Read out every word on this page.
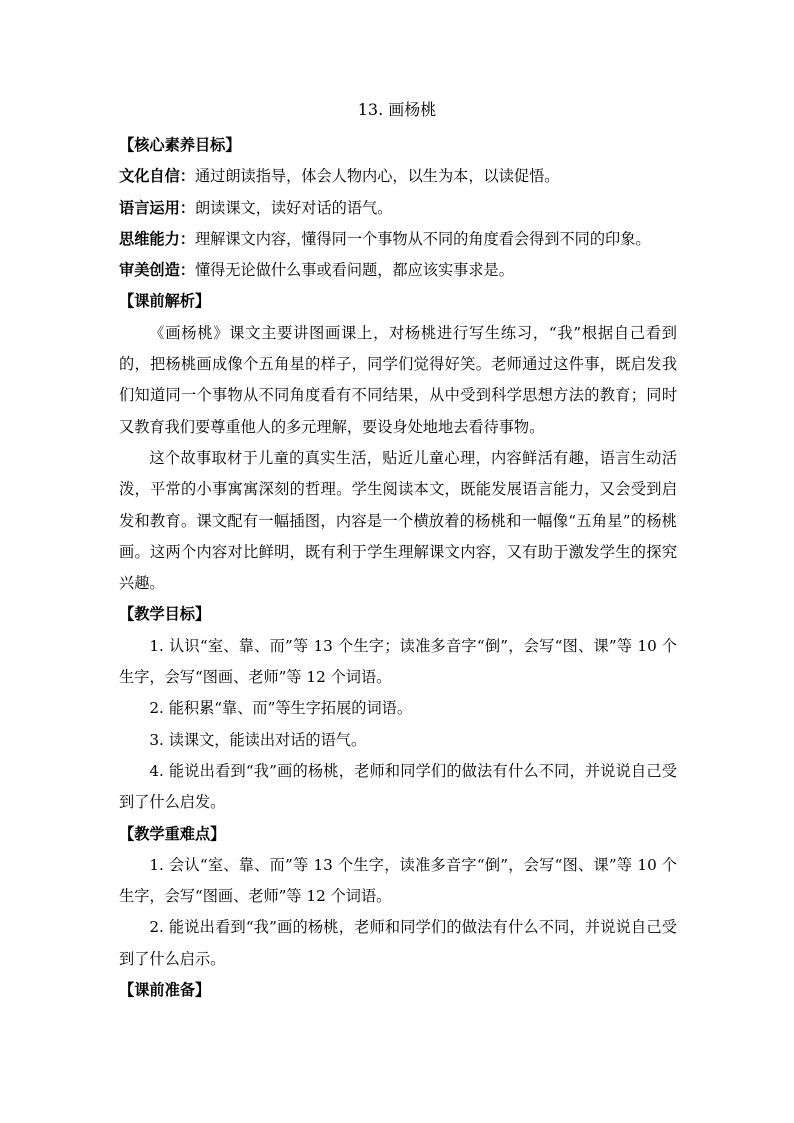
13. 画杨桃

【核心素养目标】

文化自信：通过朗读指导，体会人物内心，以生为本，以读促悟。

语言运用：朗读课文，读好对话的语气。

思维能力：理解课文内容，懂得同一个事物从不同的角度看会得到不同的印象。

审美创造：懂得无论做什么事或看问题，都应该实事求是。

【课前解析】

《画杨桃》课文主要讲图画课上，对杨桃进行写生练习，“我”根据自己看到的，把杨桃画成像个五角星的样子，同学们觉得好笑。老师通过这件事，既启发我们知道同一个事物从不同角度看有不同结果，从中受到科学思想方法的教育；同时又教育我们要尊重他人的多元理解，要设身处地地去看待事物。

这个故事取材于儿童的真实生活，贴近儿童心理，内容鲜活有趣，语言生动活泼，平常的小事寓寓深刻的哲理。学生阅读本文，既能发展语言能力，又会受到启发和教育。课文配有一幅插图，内容是一个横放着的杨桃和一幅像“五角星”的杨桃画。这两个内容对比鲜明，既有利于学生理解课文内容，又有助于激发学生的探究兴趣。

【教学目标】

1. 认识“室、靠、而”等 13 个生字；读准多音字“倒”，会写“图、课”等 10 个生字，会写“图画、老师”等 12 个词语。

2. 能积累“靠、而”等生字拓展的词语。

3. 读课文，能读出对话的语气。

4. 能说出看到“我”画的杨桃，老师和同学们的做法有什么不同，并说说自己受到了什么启发。

【教学重难点】

1. 会认“室、靠、而”等 13 个生字，读准多音字“倒”，会写“图、课”等 10 个生字，会写“图画、老师”等 12 个词语。

2. 能说出看到“我”画的杨桃，老师和同学们的做法有什么不同，并说说自己受到了什么启示。

【课前准备】
